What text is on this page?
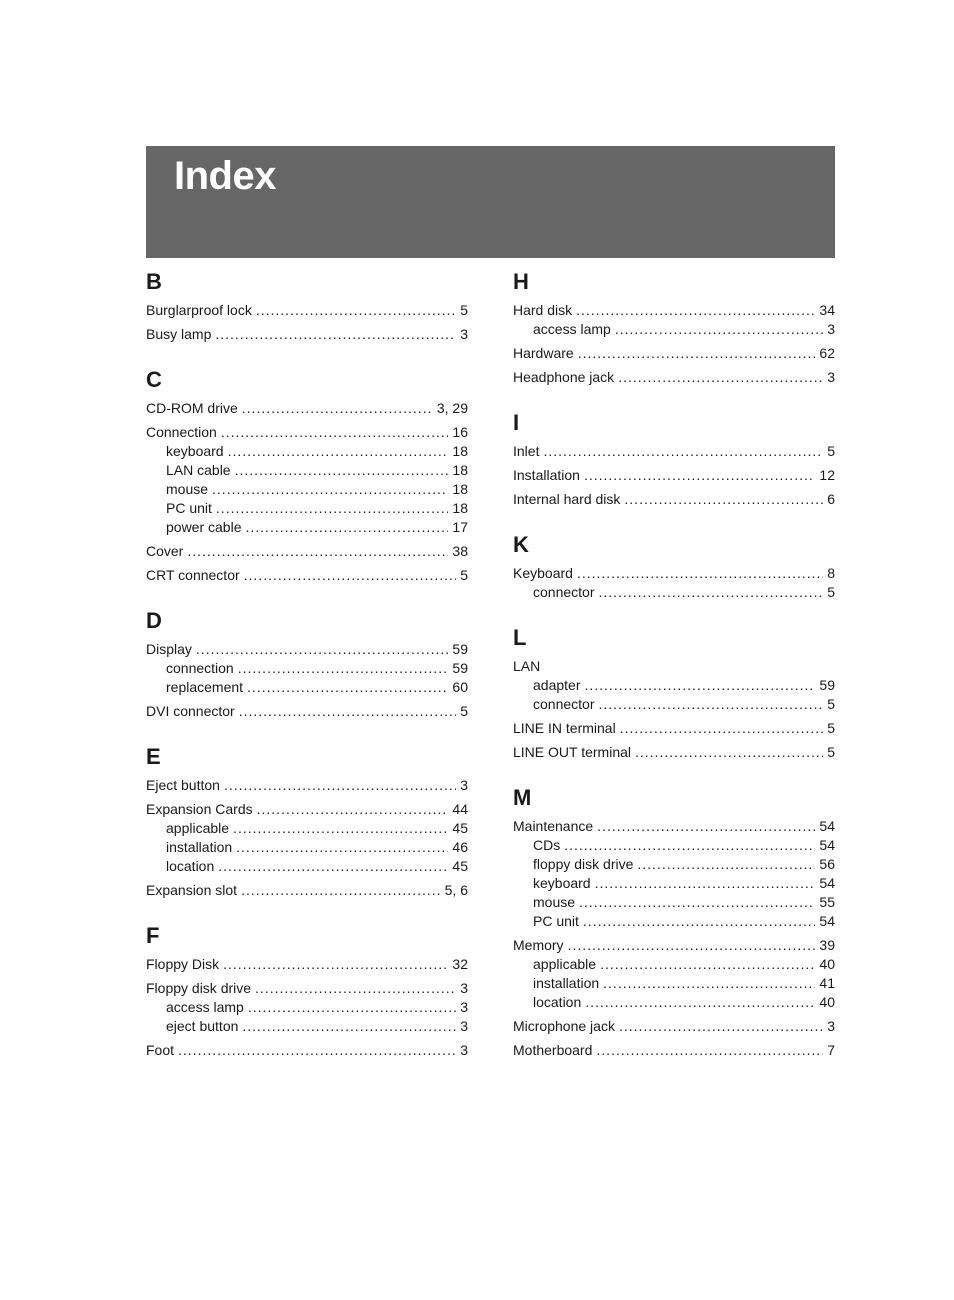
Index
B
Burglarproof lock .....	5
Busy lamp .....	3
C
CD-ROM drive .....	3, 29
Connection .....	16
keyboard .....	18
LAN cable .....	18
mouse .....	18
PC unit .....	18
power cable .....	17
Cover .....	38
CRT connector .....	5
D
Display .....	59
connection .....	59
replacement .....	60
DVI connector .....	5
E
Eject button .....	3
Expansion Cards .....	44
applicable .....	45
installation .....	46
location .....	45
Expansion slot .....	5, 6
F
Floppy Disk .....	32
Floppy disk drive .....	3
access lamp .....	3
eject button .....	3
Foot .....	3
H
Hard disk .....	34
access lamp .....	3
Hardware .....	62
Headphone jack .....	3
I
Inlet .....	5
Installation .....	12
Internal hard disk .....	6
K
Keyboard .....	8
connector .....	5
L
LAN
adapter .....	59
connector .....	5
LINE IN terminal .....	5
LINE OUT terminal .....	5
M
Maintenance .....	54
CDs .....	54
floppy disk drive .....	56
keyboard .....	54
mouse .....	55
PC unit .....	54
Memory .....	39
applicable .....	40
installation .....	41
location .....	40
Microphone jack .....	3
Motherboard .....	7
